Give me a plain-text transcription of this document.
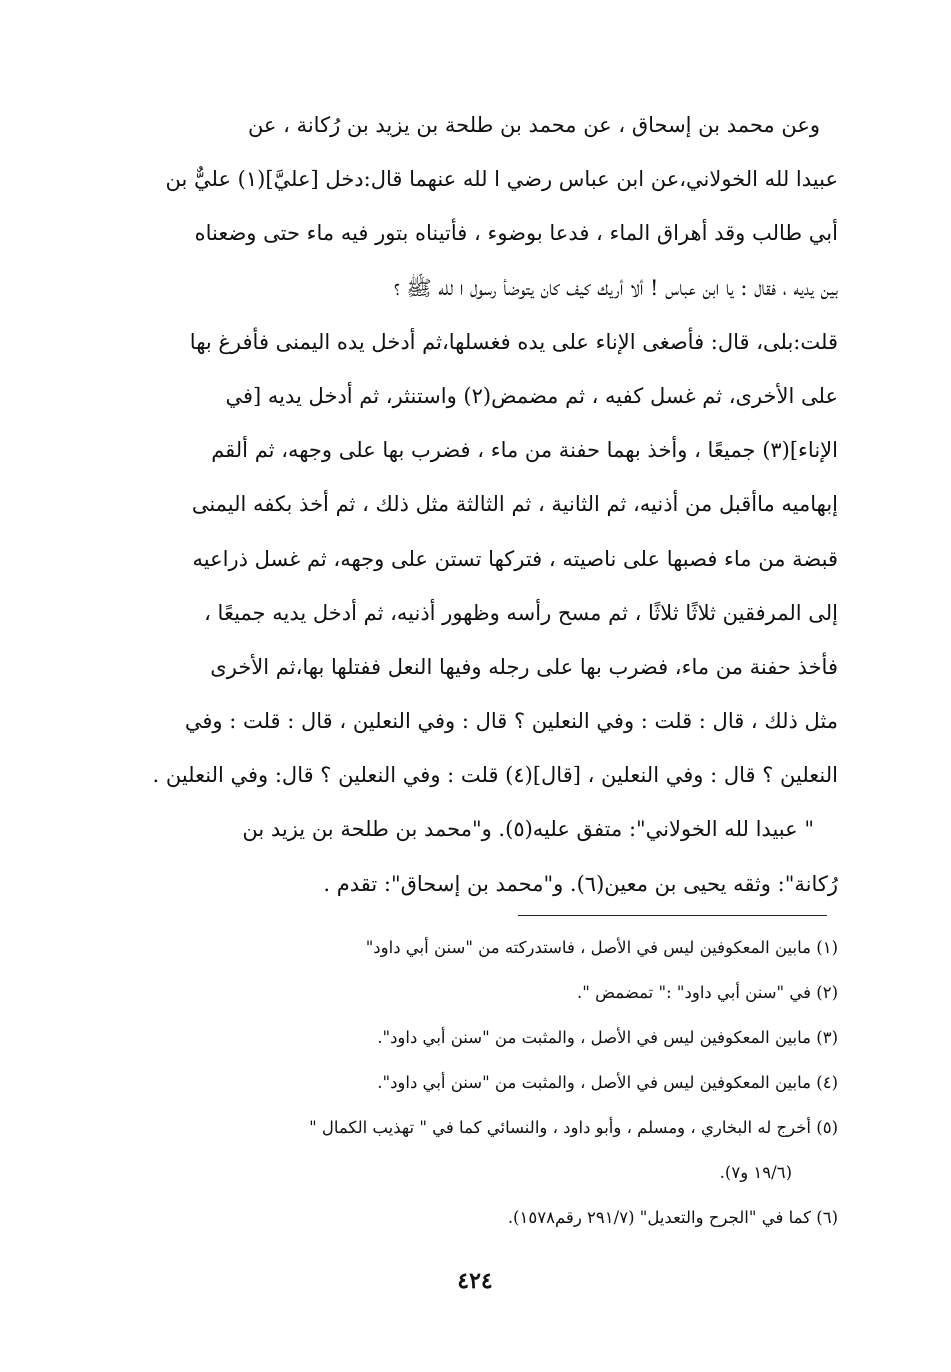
وعن محمد بن إسحاق ، عن محمد بن طلحة بن يزيد بن رُكانة ، عن
عبيدا لله الخولاني،عن ابن عباس رضي ا لله عنهما قال:دخل [عليَّ](١) عليٌّ بن
أبي طالب وقد أهراق الماء ، فدعا بوضوء ، فأتيناه بتور فيه ماء حتى وضعناه
بين يديه ، فقال : يا ابن عباس ! ألا أريك كيف كان يتوضأ رسول ا لله ﷺ ؟
قلت:بلى، قال: فأصغى الإناء على يده فغسلها،ثم أدخل يده اليمنى فأفرغ بها
على الأخرى، ثم غسل كفيه ، ثم مضمض(٢) واستنثر، ثم أدخل يديه [في
الإناء](٣) جميعًا ، وأخذ بهما حفنة من ماء ، فضرب بها على وجهه، ثم ألقم
إبهاميه ماأقبل من أذنيه، ثم الثانية ، ثم الثالثة مثل ذلك ، ثم أخذ بكفه اليمنى
قبضة من ماء فصبها على ناصيته ، فتركها تستن على وجهه، ثم غسل ذراعيه
إلى المرفقين ثلاثًا ثلاثًا ، ثم مسح رأسه وظهور أذنيه، ثم أدخل يديه جميعًا ،
فأخذ حفنة من ماء، فضرب بها على رجله وفيها النعل ففتلها بها،ثم الأخرى
مثل ذلك ، قال : قلت : وفي النعلين ؟ قال : وفي النعلين ، قال : قلت : وفي
النعلين ؟ قال : وفي النعلين ، [قال](٤) قلت : وفي النعلين ؟ قال: وفي النعلين .
" عبيدا لله الخولاني": متفق عليه(٥). و"محمد بن طلحة بن يزيد بن
رُكانة": وثقه يحيى بن معين(٦). و"محمد بن إسحاق": تقدم .
(١) مابين المعكوفين ليس في الأصل ، فاستدركته من "سنن أبي داود"
(٢) في "سنن أبي داود" :" تمضمض ".
(٣) مابين المعكوفين ليس في الأصل ، والمثبت من "سنن أبي داود".
(٤) مابين المعكوفين ليس في الأصل ، والمثبت من "سنن أبي داود".
(٥) أخرج له البخاري ، ومسلم ، وأبو داود ، والنسائي كما في " تهذيب الكمال "
(١٩/٦ و٧).
(٦) كما في "الجرح والتعديل" (٢٩١/٧ رقم١٥٧٨).
٤٢٤
